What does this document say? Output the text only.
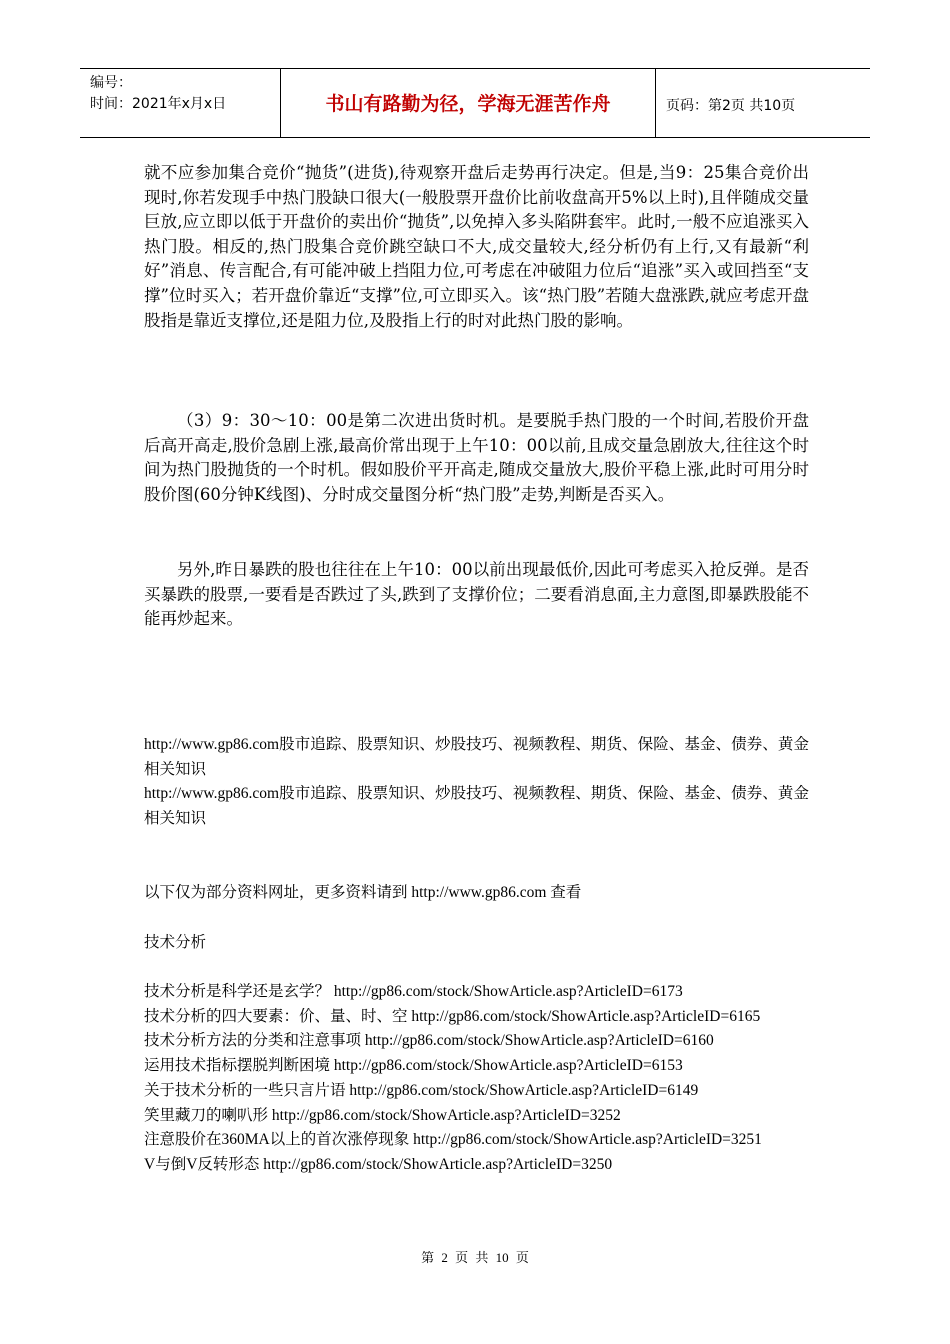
编号：
时间：2021年x月x日	书山有路勤为径，学海无涯苦作舟	页码：第2页 共10页

就不应参加集合竞价“抛货”(进货),待观察开盘后走势再行决定。但是,当9：25集合竞价出现时,你若发现手中热门股缺口很大(一般股票开盘价比前收盘高开5%以上时),且伴随成交量巨放,应立即以低于开盘价的卖出价“抛货”,以免掉入多头陷阱套牢。此时,一般不应追涨买入热门股。相反的,热门股集合竞价跳空缺口不大,成交量较大,经分析仍有上行,又有最新“利好”消息、传言配合,有可能冲破上挡阻力位,可考虑在冲破阻力位后“追涨”买入或回挡至“支撑”位时买入；若开盘价靠近“支撑”位,可立即买入。该“热门股”若随大盘涨跌,就应考虑开盘股指是靠近支撑位,还是阻力位,及股指上行的时对此热门股的影响。

（3）9：30～10：00是第二次进出货时机。是要脱手热门股的一个时间,若股价开盘后高开高走,股价急剧上涨,最高价常出现于上午10：00以前,且成交量急剧放大,往往这个时间为热门股抛货的一个时机。假如股价平开高走,随成交量放大,股价平稳上涨,此时可用分时股价图(60分钟K线图)、分时成交量图分析“热门股”走势,判断是否买入。

另外,昨日暴跌的股也往往在上午10：00以前出现最低价,因此可考虑买入抢反弹。是否买暴跌的股票,一要看是否跌过了头,跌到了支撑价位；二要看消息面,主力意图,即暴跌股能不能再炒起来。

http://www.gp86.com股市追踪、股票知识、炒股技巧、视频教程、期货、保险、基金、债券、黄金相关知识

http://www.gp86.com股市追踪、股票知识、炒股技巧、视频教程、期货、保险、基金、债券、黄金相关知识

以下仅为部分资料网址，更多资料请到 http://www.gp86.com 查看

技术分析

技术分析是科学还是玄学？ http://gp86.com/stock/ShowArticle.asp?ArticleID=6173
技术分析的四大要素：价、量、时、空 http://gp86.com/stock/ShowArticle.asp?ArticleID=6165
技术分析方法的分类和注意事项 http://gp86.com/stock/ShowArticle.asp?ArticleID=6160
运用技术指标摆脱判断困境 http://gp86.com/stock/ShowArticle.asp?ArticleID=6153
关于技术分析的一些只言片语 http://gp86.com/stock/ShowArticle.asp?ArticleID=6149
笑里藏刀的喇叭形 http://gp86.com/stock/ShowArticle.asp?ArticleID=3252
注意股价在360MA以上的首次涨停现象 http://gp86.com/stock/ShowArticle.asp?ArticleID=3251
V与倒V反转形态 http://gp86.com/stock/ShowArticle.asp?ArticleID=3250
第 2 页 共 10 页
